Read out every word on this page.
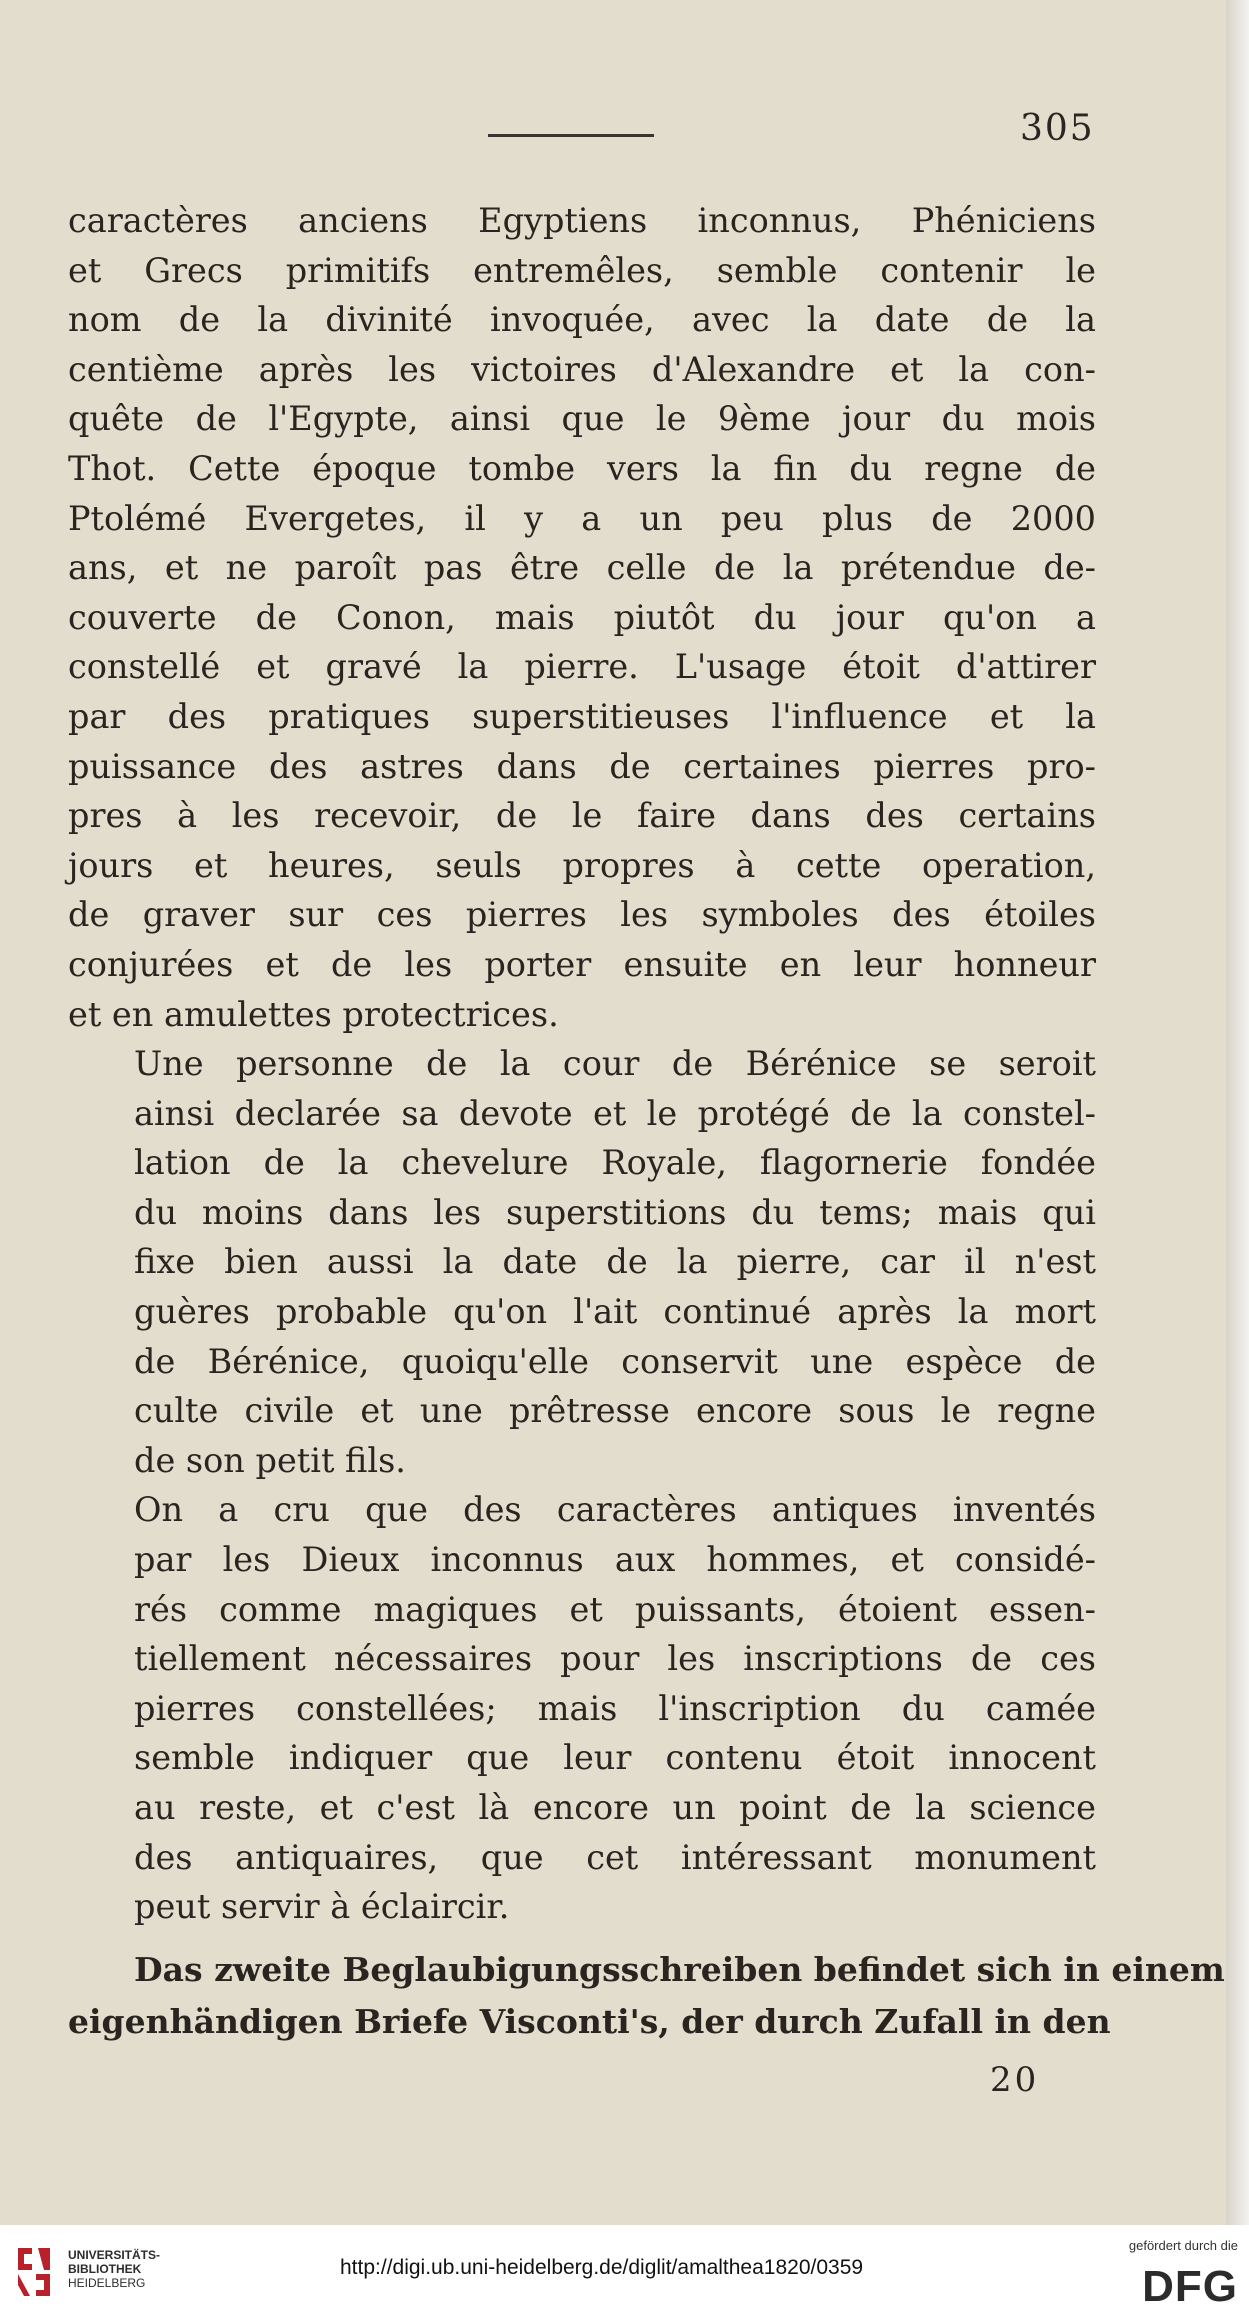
305

caractères anciens Egyptiens inconnus, Phéniciens
et Grecs primitifs entremêles, semble contenir le
nom de la divinité invoquée, avec la date de la
centième après les victoires d'Alexandre et la con-
quête de l'Egypte, ainsi que le 9ème jour du mois
Thot. Cette époque tombe vers la fin du regne de
Ptolémé Evergetes, il y a un peu plus de 2000
ans, et ne paroît pas être celle de la prétendue de-
couverte de Conon, mais piutôt du jour qu'on a
constellé et gravé la pierre. L'usage étoit d'attirer
par des pratiques superstitieuses l'influence et la
puissance des astres dans de certaines pierres pro-
pres à les recevoir, de le faire dans des certains
jours et heures, seuls propres à cette operation,
de graver sur ces pierres les symboles des étoiles
conjurées et de les porter ensuite en leur honneur
et en amulettes protectrices.

Une personne de la cour de Bérénice se seroit
ainsi declarée sa devote et le protégé de la constel-
lation de la chevelure Royale, flagornerie fondée
du moins dans les superstitions du tems; mais qui
fixe bien aussi la date de la pierre, car il n'est
guères probable qu'on l'ait continué après la mort
de Bérénice, quoiqu'elle conservit une espèce de
culte civile et une prêtresse encore sous le regne
de son petit fils.

On a cru que des caractères antiques inventés
par les Dieux inconnus aux hommes, et considé-
rés comme magiques et puissants, étoient essen-
tiellement nécessaires pour les inscriptions de ces
pierres constellées; mais l'inscription du camée
semble indiquer que leur contenu étoit innocent
au reste, et c'est là encore un point de la science
des antiquaires, que cet intéressant monument
peut servir à éclaircir.

Das zweite Beglaubigungsschreiben befindet sich in einem
eigenhändigen Briefe Visconti's, der durch Zufall in den
20
UNIVERSITÄTS-
BIBLIOTHEK
HEIDELBERG
http://digi.ub.uni-heidelberg.de/diglit/amalthea1820/0359
gefördert durch die
DFG
